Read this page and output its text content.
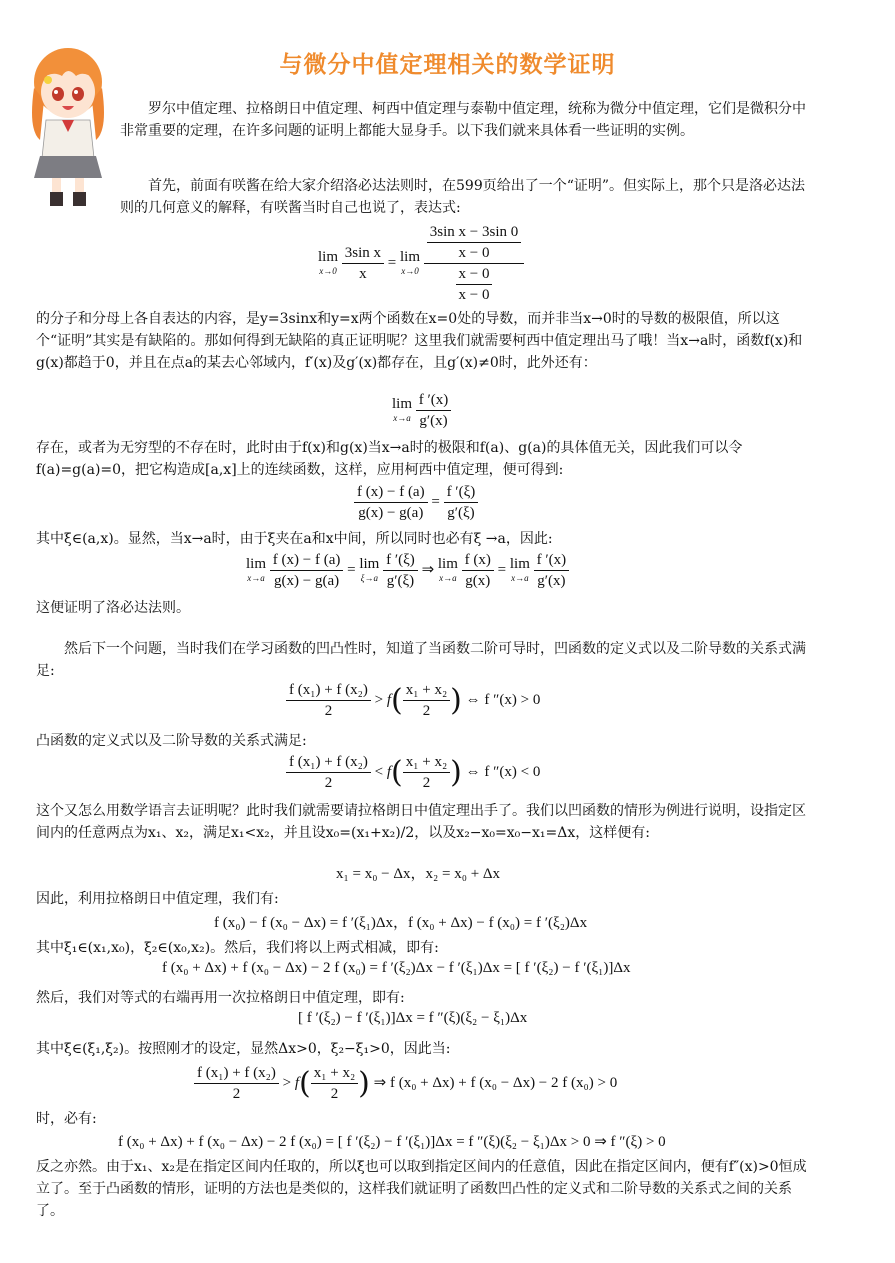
与微分中值定理相关的数学证明

罗尔中值定理、拉格朗日中值定理、柯西中值定理与泰勒中值定理，统称为微分中值定理，它们是微积分中非常重要的定理，在许多问题的证明上都能大显身手。以下我们就来具体看一些证明的实例。

首先，前面有咲酱在给大家介绍洛必达法则时，在599页给出了一个“证明”。但实际上，那个只是洛必达法则的几何意义的解释，有咲酱当时自己也说了，表达式:

lim
x→0
$\frac{\text{3sin x}}{x} = \lim$
x→0
$\frac{\frac{\text{3sin x − 3sin 0}}{x - 0}}{\frac{x - 0}{x - 0}}$

的分子和分母上各自表达的内容，是y=3sinx和y=x两个函数在x=0处的导数，而并非当x→0时的导数的极限值，所以这个“证明”其实是有缺陷的。那如何得到无缺陷的真正证明呢？这里我们就需要柯西中值定理出马了哦！当x→a时，函数f(x)和g(x)都趋于0，并且在点a的某去心邻域内，f′(x)及g′(x)都存在，且g′(x)≠0时，此外还有：

lim
x→a
$\frac{f '(x)}{g'(x)}$

存在，或者为无穷型的不存在时，此时由于f(x)和g(x)当x→a时的极限和f(a)、g(a)的具体值无关，因此我们可以令f(a)=g(a)=0，把它构造成[a,x]上的连续函数，这样，应用柯西中值定理，便可得到:

$\frac{f (x) - f (a)}{g(x) - g(a)} = \frac{f '(\xi)}{g'(\xi)}$

其中ξ∈(a,x)。显然，当x→a时，由于ξ夹在a和x中间，所以同时也必有ξ →a，因此:

lim
x→a
$\frac{f (x) - f (a)}{g(x) - g(a)} = \lim$
ξ→a
$\frac{f '(\xi)}{g'(\xi)}$ ⇒ lim
x→a
$\frac{f (x)}{g(x)} = \lim$
x→a
$\frac{f '(x)}{g'(x)}$

这便证明了洛必达法则。

然后下一个问题，当时我们在学习函数的凹凸性时，知道了当函数二阶可导时，凹函数的定义式以及二阶导数的关系式满足:

$\frac{\text{f (x₁) + f (x₂)}}{2} > f( \frac{\text{x₁ + x₂}}{2}$ ) ⇔ f ″(x) > 0

凸函数的定义式以及二阶导数的关系式满足:

$\frac{\text{f (x₁) + f (x₂)}}{2} < f( \frac{\text{x₁ + x₂}}{2}$ ) ⇔ f ″(x) < 0

这个又怎么用数学语言去证明呢？此时我们就需要请拉格朗日中值定理出手了。我们以凹函数的情形为例进行说明，设指定区间内的任意两点为x₁、x₂，满足x₁<x₂，并且设x₀=(x₁+x₂)/2，以及x₂−x₀=x₀−x₁=Δx，这样便有:

x₁ = x₀ − Δx，x₂ = x₀ + Δx

因此，利用拉格朗日中值定理，我们有:

f (x₀) − f (x₀ − Δx) = f ′(ξ₁)Δx，f (x₀ + Δx) − f (x₀) = f ′(ξ₂)Δx

其中ξ₁∈(x₁,x₀)，ξ₂∈(x₀,x₂)。然后，我们将以上两式相减，即有:

f (x₀ + Δx) + f (x₀ − Δx) − 2 f (x₀) = f ′(ξ₂)Δx − f ′(ξ₁)Δx = [ f ′(ξ₂) − f ′(ξ₁)]Δx

然后，我们对等式的右端再用一次拉格朗日中值定理，即有:

[ f ′(ξ₂) − f ′(ξ₁)]Δx = f ″(ξ)(ξ₂ − ξ₁)Δx

其中ξ∈(ξ₁,ξ₂)。按照刚才的设定，显然Δx>0，ξ₂−ξ₁>0，因此当:

$\frac{\text{f (x₁) + f (x₂)}}{2} > f( \frac{\text{x₁ + x₂}}{2}$ ) ⇒ f (x₀ + Δx) + f (x₀ − Δx) − 2 f (x₀) > 0

时，必有:

f (x₀ + Δx) + f (x₀ − Δx) − 2 f (x₀) = [ f ′(ξ₂) − f ′(ξ₁)]Δx = f ″(ξ)(ξ₂ − ξ₁)Δx > 0 ⇒ f ″(ξ) > 0

反之亦然。由于x₁、x₂是在指定区间内任取的，所以ξ也可以取到指定区间内的任意值，因此在指定区间内，便有f″(x)>0恒成立了。至于凸函数的情形，证明的方法也是类似的，这样我们就证明了函数凹凸性的定义式和二阶导数的关系式之间的关系了。
